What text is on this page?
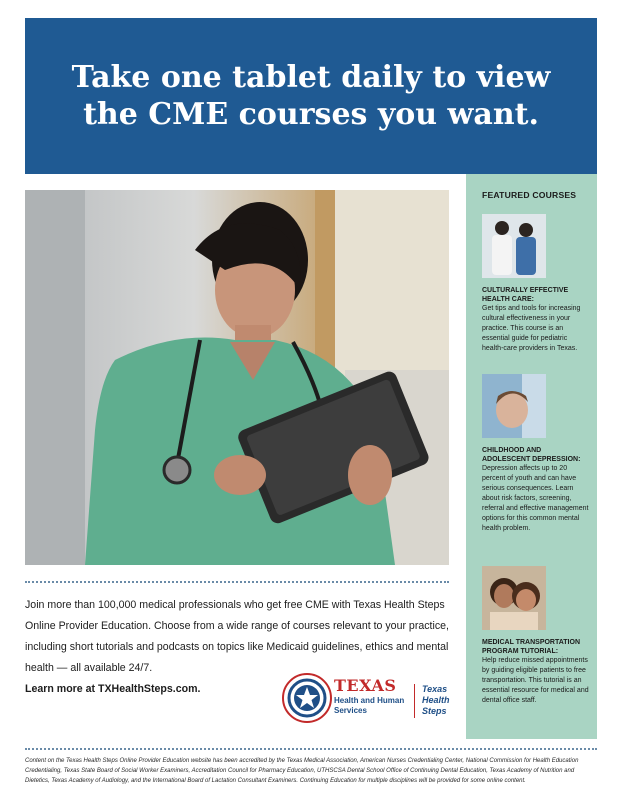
Take one tablet daily to view the CME courses you want.
Join more than 100,000 medical professionals who get free CME with Texas Health Steps Online Provider Education. Choose from a wide range of courses relevant to your practice, including short tutorials and podcasts on topics like Medicaid guidelines, ethics and mental health — all available 24/7.
Learn more at TXHealthSteps.com.	TEXAS
Health and Human Services
Texas Health Steps
FEATURED COURSES
CULTURALLY EFFECTIVE HEALTH CARE:
Get tips and tools for increasing cultural effectiveness in your practice. This course is an essential guide for pediatric health-care providers in Texas.
CHILDHOOD AND ADOLESCENT DEPRESSION:
Depression affects up to 20 percent of youth and can have serious consequences. Learn about risk factors, screening, referral and effective management options for this common mental health problem.
MEDICAL TRANSPORTATION PROGRAM TUTORIAL:
Help reduce missed appointments by guiding eligible patients to free transportation. This tutorial is an essential resource for medical and dental office staff.
Content on the Texas Health Steps Online Provider Education website has been accredited by the Texas Medical Association, American Nurses Credentialing Center, National Commission for Health Education Credentialing, Texas State Board of Social Worker Examiners, Accreditation Council for Pharmacy Education, UTHSCSA Dental School Office of Continuing Dental Education, Texas Academy of Nutrition and Dietetics, Texas Academy of Audiology, and the International Board of Lactation Consultant Examiners. Continuing Education for multiple disciplines will be provided for some online content.
